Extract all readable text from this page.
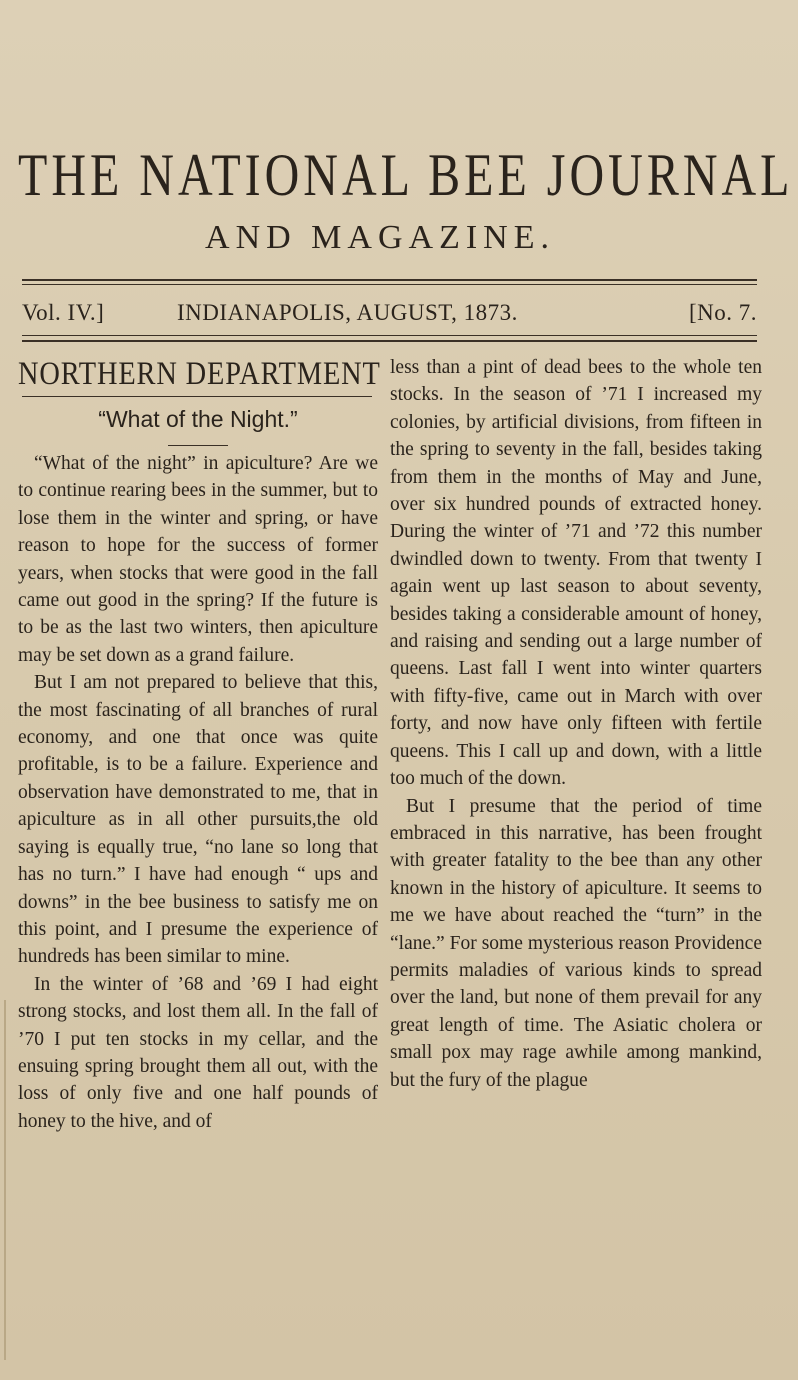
THE NATIONAL BEE JOURNAL
AND MAGAZINE.
Vol. IV.]	INDIANAPOLIS, AUGUST, 1873.	[No. 7.
NORTHERN DEPARTMENT
“What of the Night.”

“What of the night” in apiculture? Are we to continue rearing bees in the summer, but to lose them in the winter and spring, or have reason to hope for the success of former years, when stocks that were good in the fall came out good in the spring? If the future is to be as the last two winters, then apiculture may be set down as a grand failure.

But I am not prepared to believe that this, the most fascinating of all branches of rural economy, and one that once was quite profitable, is to be a failure. Experience and observation have demonstrated to me, that in apiculture as in all other pursuits,the old saying is equally true, “no lane so long that has no turn.” I have had enough “ ups and downs” in the bee business to satisfy me on this point, and I presume the experience of hundreds has been similar to mine.

In the winter of ’68 and ’69 I had eight strong stocks, and lost them all. In the fall of ’70 I put ten stocks in my cellar, and the ensuing spring brought them all out, with the loss of only five and one half pounds of honey to the hive, and of

less than a pint of dead bees to the whole ten stocks. In the season of ’71 I increased my colonies, by artificial divisions, from fifteen in the spring to seventy in the fall, besides taking from them in the months of May and June, over six hundred pounds of extracted honey. During the winter of ’71 and ’72 this number dwindled down to twenty. From that twenty I again went up last season to about seventy, besides taking a considerable amount of honey, and raising and sending out a large number of queens. Last fall I went into winter quarters with fifty-five, came out in March with over forty, and now have only fifteen with fertile queens. This I call up and down, with a little too much of the down.

But I presume that the period of time embraced in this narrative, has been frought with greater fatality to the bee than any other known in the history of apiculture. It seems to me we have about reached the “turn” in the “lane.” For some mysterious reason Providence permits maladies of various kinds to spread over the land, but none of them prevail for any great length of time. The Asiatic cholera or small pox may rage awhile among mankind, but the fury of the plague
